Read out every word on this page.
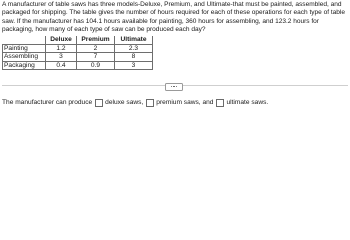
A manufacturer of table saws has three models-Deluxe, Premium, and Ultimate-that must be painted, assembled, and packaged for shipping. The table gives the number of hours required for each of these operations for each type of table saw. If the manufacturer has 104.1 hours available for painting, 360 hours for assembling, and 123.2 hours for packaging, how many of each type of saw can be produced each day?

	Deluxe	Premium	Ultimate
Painting	1.2	2	2.3
Assembling	3	7	8
Packaging	0.4	0.9	3
The manufacturer can produce deluxe saws, premium saws, and ultimate saws.
